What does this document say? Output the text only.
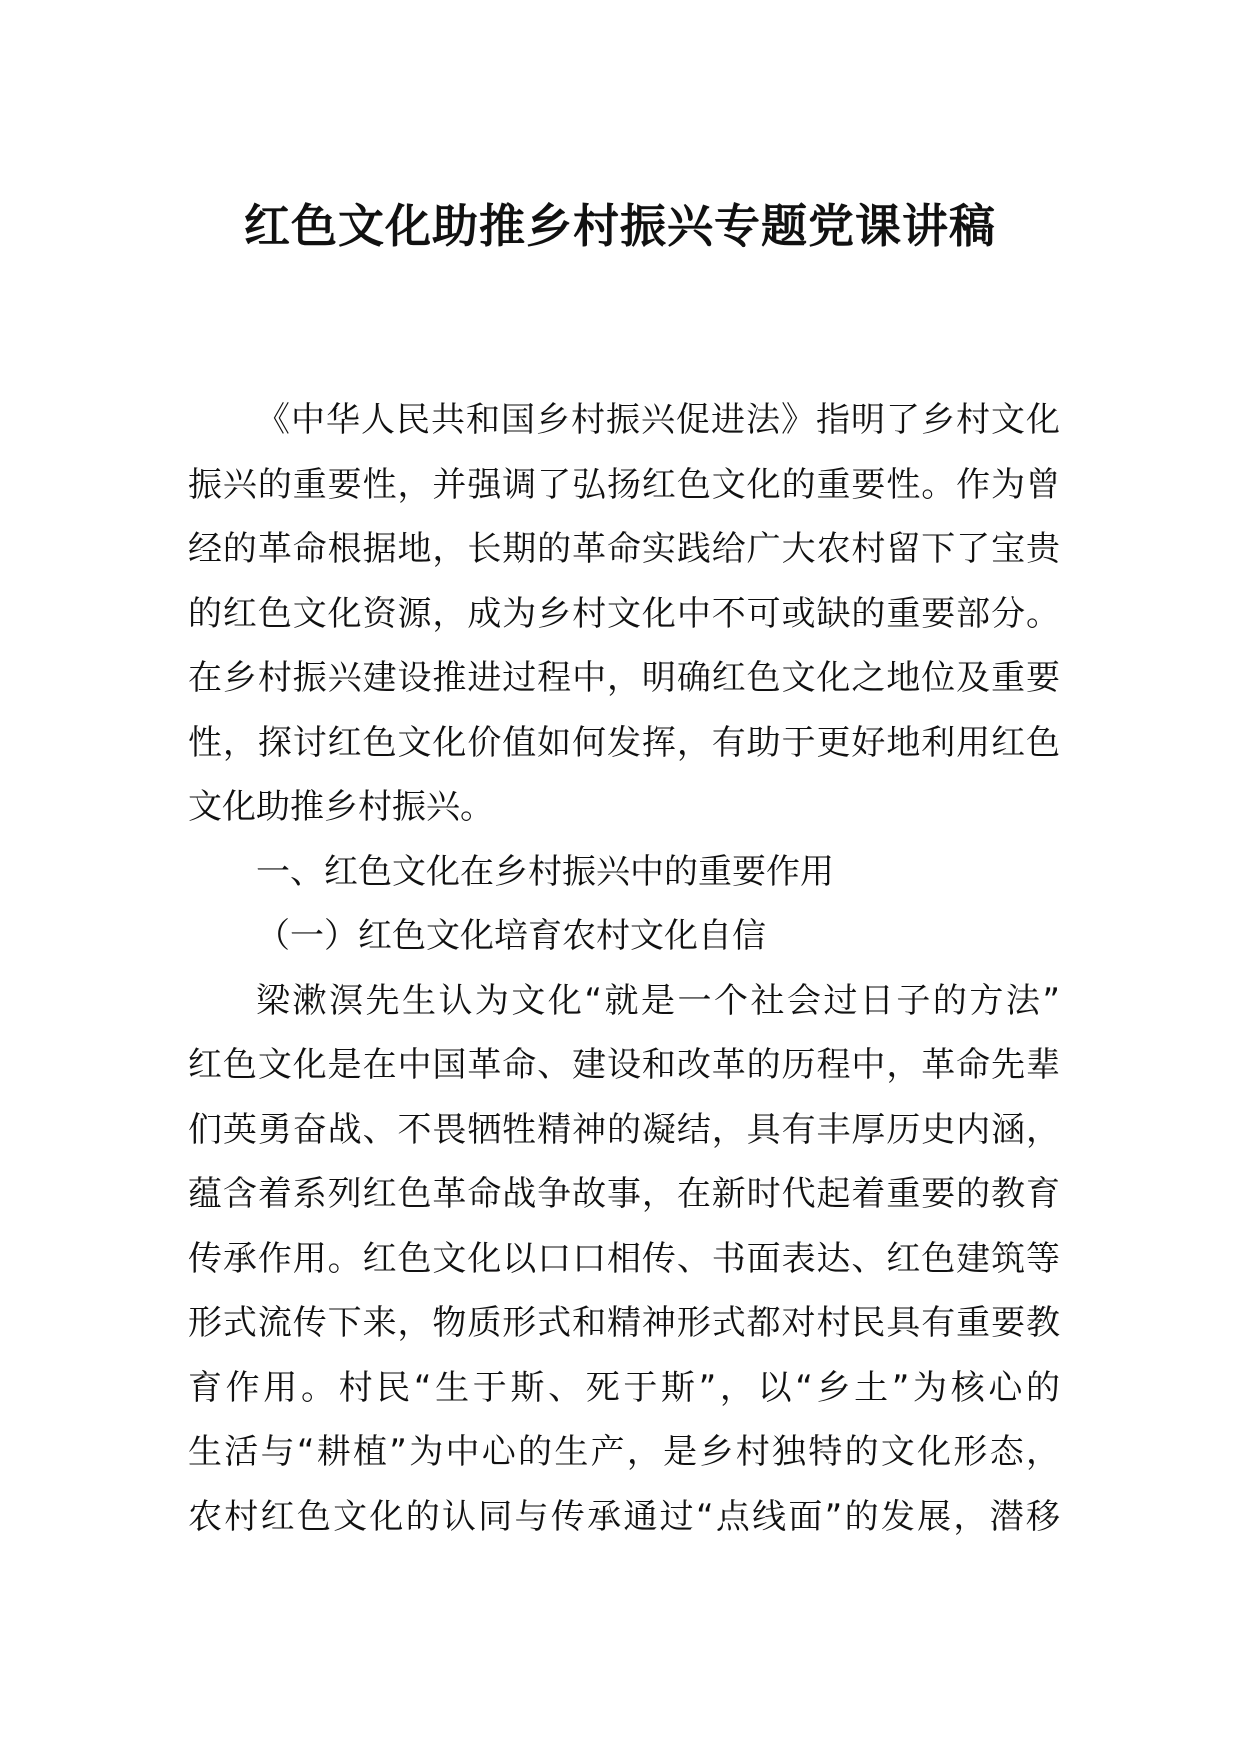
红色文化助推乡村振兴专题党课讲稿
《中华人民共和国乡村振兴促进法》指明了乡村文化
振兴的重要性，并强调了弘扬红色文化的重要性。作为曾
经的革命根据地，长期的革命实践给广大农村留下了宝贵
的红色文化资源，成为乡村文化中不可或缺的重要部分。
在乡村振兴建设推进过程中，明确红色文化之地位及重要
性，探讨红色文化价值如何发挥，有助于更好地利用红色
文化助推乡村振兴。
一、红色文化在乡村振兴中的重要作用
（一）红色文化培育农村文化自信
梁漱溟先生认为文化“就是一个社会过日子的方法”
红色文化是在中国革命、建设和改革的历程中，革命先辈
们英勇奋战、不畏牺牲精神的凝结，具有丰厚历史内涵，
蕴含着系列红色革命战争故事，在新时代起着重要的教育
传承作用。红色文化以口口相传、书面表达、红色建筑等
形式流传下来，物质形式和精神形式都对村民具有重要教
育作用。村民“生于斯、死于斯”，以“乡土”为核心的
生活与“耕植”为中心的生产，是乡村独特的文化形态，
农村红色文化的认同与传承通过“点线面”的发展，潜移
